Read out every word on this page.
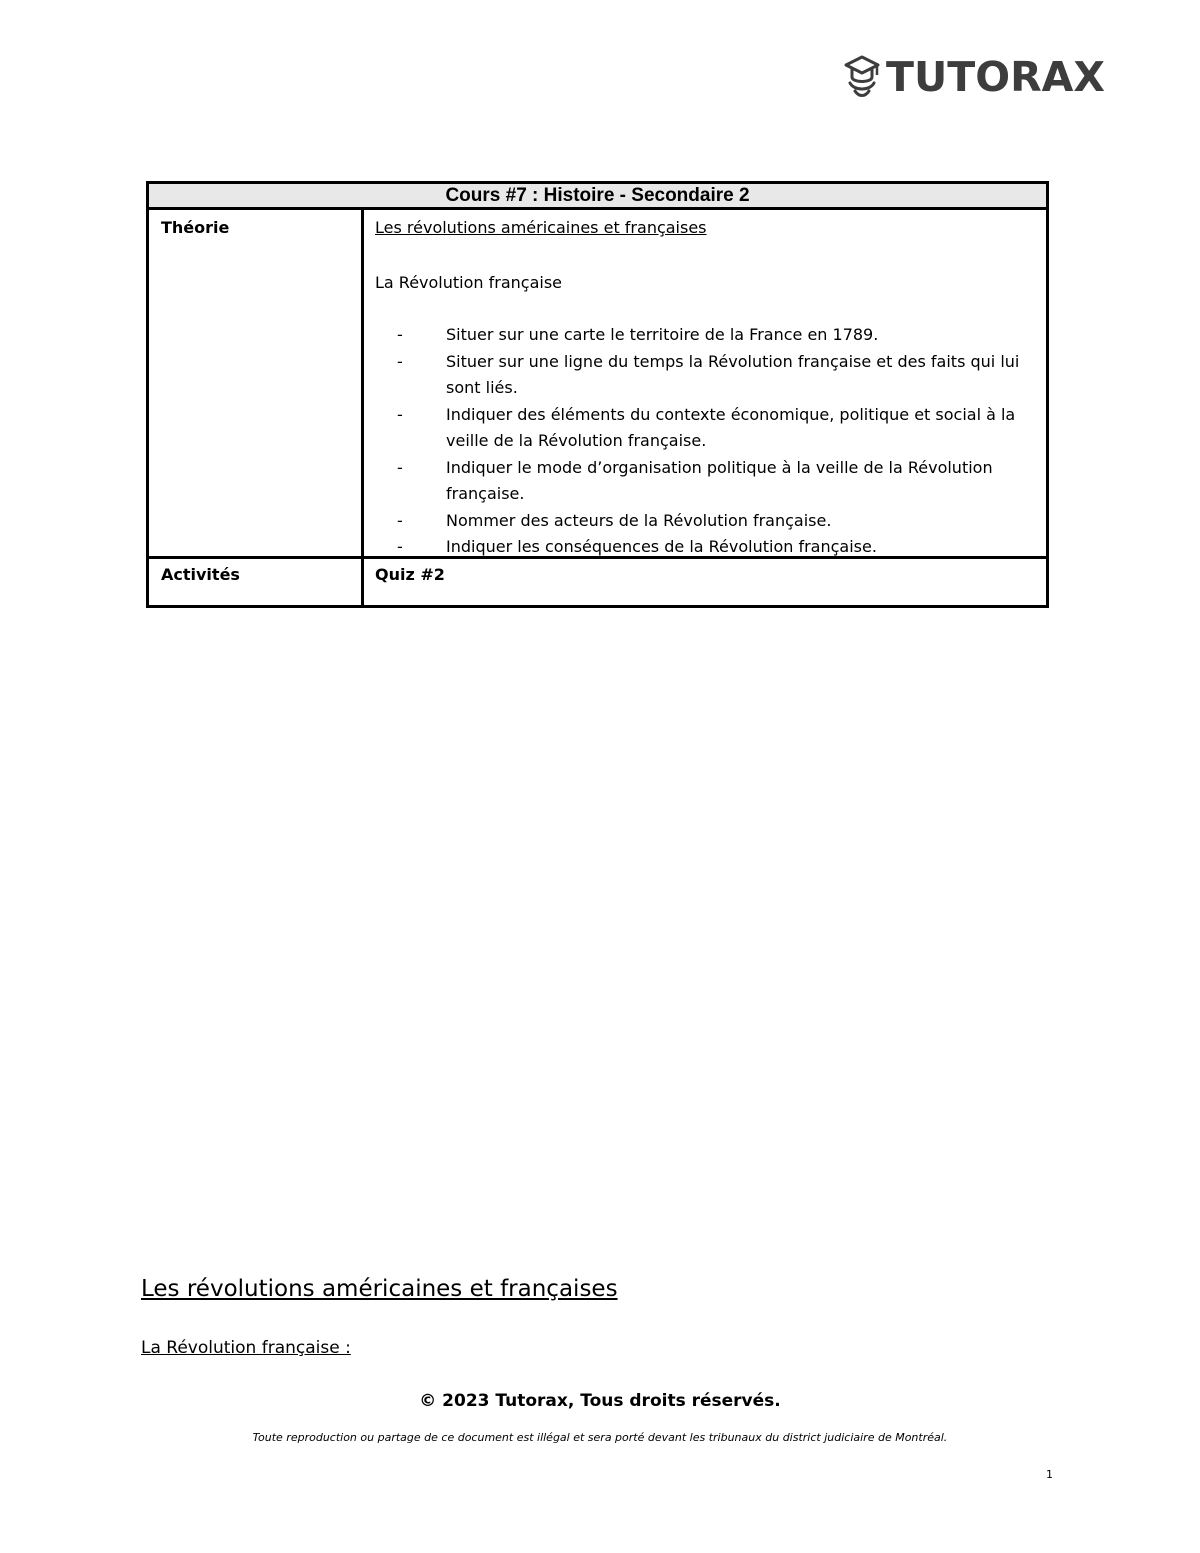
TUTORAX
Cours #7 : Histoire - Secondaire 2
Théorie	Les révolutions américaines et françaises
La Révolution française
-	Situer sur une carte le territoire de la France en 1789.
-	Situer sur une ligne du temps la Révolution française et des faits qui lui sont liés.
-	Indiquer des éléments du contexte économique, politique et social à la veille de la Révolution française.
-	Indiquer le mode d’organisation politique à la veille de la Révolution française.
-	Nommer des acteurs de la Révolution française.
-	Indiquer les conséquences de la Révolution française.
Activités	Quiz #2
Les révolutions américaines et françaises
La Révolution française :
© 2023 Tutorax, Tous droits réservés.
Toute reproduction ou partage de ce document est illégal et sera porté devant les tribunaux du district judiciaire de Montréal.
1
